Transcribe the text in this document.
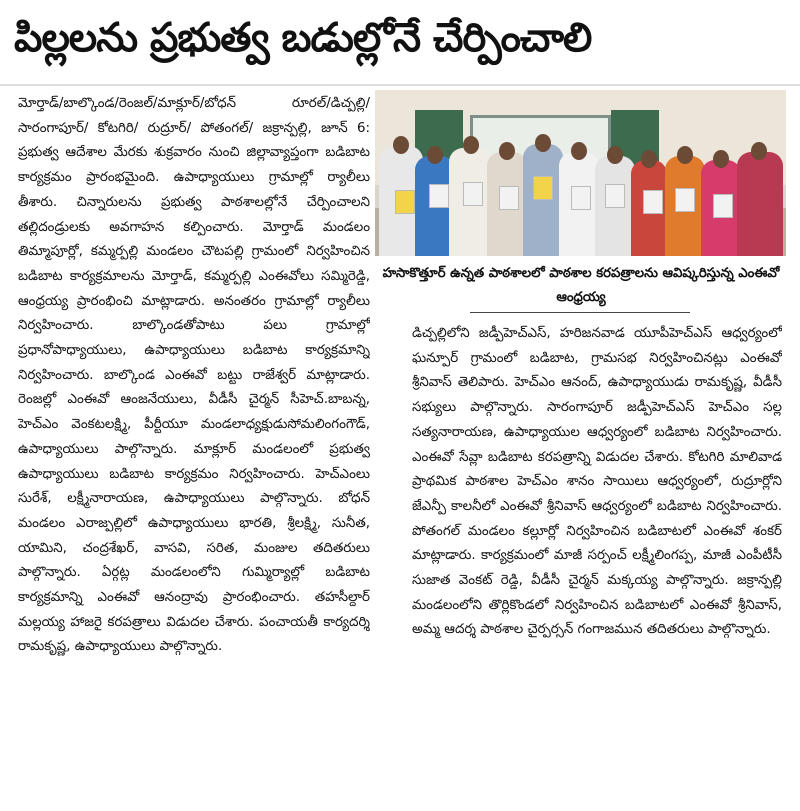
పిల్లలను ప్రభుత్వ బడుల్లోనే చేర్పించాలి

మోర్తాడ్/బాల్కొండ/రెంజల్/మాక్లూర్/బోధన్ రూరల్/డిచ్పల్లి/ సారంగాపూర్/ కోటగిరి/ రుద్రూర్/ పోతంగల్/ జక్రాన్పల్లి, జూన్ 6: ప్రభుత్వ ఆదేశాల మేరకు శుక్రవారం నుంచి జిల్లావ్యాప్తంగా బడిబాట కార్యక్రమం ప్రారంభమైంది. ఉపాధ్యాయులు గ్రామాల్లో ర్యాలీలు తీశారు. చిన్నారులను ప్రభుత్వ పాఠశాలల్లోనే చేర్పించాలని తల్లిదండ్రులకు అవగాహన కల్పించారు. మోర్తాడ్ మండలం తిమ్మాపూర్లో, కమ్మర్పల్లి మండలం చౌటపల్లి గ్రామంలో నిర్వహించిన బడిబాట కార్యక్రమాలను మోర్తాడ్, కమ్మర్పల్లి ఎంఈవోలు సమ్మిరెడ్డి, ఆంధ్రయ్య ప్రారంభించి మాట్లాడారు. అనంతరం గ్రామాల్లో ర్యాలీలు నిర్వహించారు. బాల్కొండతోపాటు పలు గ్రామాల్లో ప్రధానోపాధ్యాయులు, ఉపాధ్యాయులు బడిబాట కార్యక్రమాన్ని నిర్వహించారు. బాల్కొండ ఎంఈవో బట్టు రాజేశ్వర్ మాట్లాడారు. రెంజల్లో ఎంఈవో ఆంజనేయులు, వీడీసీ చైర్మన్ సీహెచ్.బాబన్న, హెచ్ఎం వెంకటలక్ష్మి, పీర్టీయూ మండలాధ్యక్షుడుసోమలింగంగౌడ్, ఉపాధ్యాయులు పాల్గొన్నారు. మాక్లూర్ మండలంలో ప్రభుత్వ ఉపాధ్యాయులు బడిబాట కార్యక్రమం నిర్వహించారు. హెచ్ఎంలు సురేశ్, లక్ష్మీనారాయణ, ఉపాధ్యాయులు పాల్గొన్నారు. బోధన్ మండలం ఎరాజ్పల్లిలో ఉపాధ్యాయులు భారతి, శ్రీలక్ష్మి, సునీత, యామిని, చంద్రశేఖర్, వాసవి, సరిత, మంజుల తదితరులు పాల్గొన్నారు. ఏర్గట్ల మండలంలోని గుమ్మిర్యాల్లో బడిబాట కార్యక్రమాన్ని ఎంఈవో ఆనంద్రావు ప్రారంభించారు. తహసీల్దార్ మల్లయ్య హాజరై కరపత్రాలు విడుదల చేశారు. పంచాయతీ కార్యదర్శి రామకృష్ణ, ఉపాధ్యాయులు పాల్గొన్నారు.

హసాకొత్తూర్ ఉన్నత పాఠశాలలో పాఠశాల కరపత్రాలను ఆవిష్కరిస్తున్న ఎంఈవో ఆంధ్రయ్య

డిచ్పల్లిలోని జడ్పీహెచ్ఎస్, హరిజనవాడ యూపీహెచ్ఎస్ ఆధ్వర్యంలో ఘన్పూర్ గ్రామంలో బడిబాట, గ్రామసభ నిర్వహించినట్లు ఎంఈవో శ్రీనివాస్ తెలిపారు. హెచ్ఎం ఆనంద్, ఉపాధ్యాయుడు రామకృష్ణ, వీడీసీ సభ్యులు పాల్గొన్నారు. సారంగాపూర్ జడ్పీహెచ్ఎస్ హెచ్ఎం సల్ల సత్యనారాయణ, ఉపాధ్యాయుల ఆధ్వర్యంలో బడిబాట నిర్వహించారు. ఎంఈవో సేవ్లా బడిబాట కరపత్రాన్ని విడుదల చేశారు. కోటగిరి మాలివాడ ప్రాథమిక పాఠశాల హెచ్ఎం శానం సాయిలు ఆధ్వర్యంలో, రుద్రూర్లోని జేఎన్పీ కాలనీలో ఎంఈవో శ్రీనివాస్ ఆధ్వర్యంలో బడిబాట నిర్వహించారు. పోతంగల్ మండలం కల్లూర్లో నిర్వహించిన బడిబాటలో ఎంఈవో శంకర్ మాట్లాడారు. కార్యక్రమంలో మాజీ సర్పంచ్ లక్ష్మీలింగప్ప, మాజీ ఎంపీటీసీ సుజాత వెంకట్ రెడ్డి, వీడీసీ చైర్మన్ మక్కయ్య పాల్గొన్నారు. జక్రాన్పల్లి మండలంలోని తొర్లికొండలో నిర్వహించిన బడిబాటలో ఎంఈవో శ్రీనివాస్, అమ్మ ఆదర్శ పాఠశాల చైర్పర్సన్ గంగాజమున తదితరులు పాల్గొన్నారు.
